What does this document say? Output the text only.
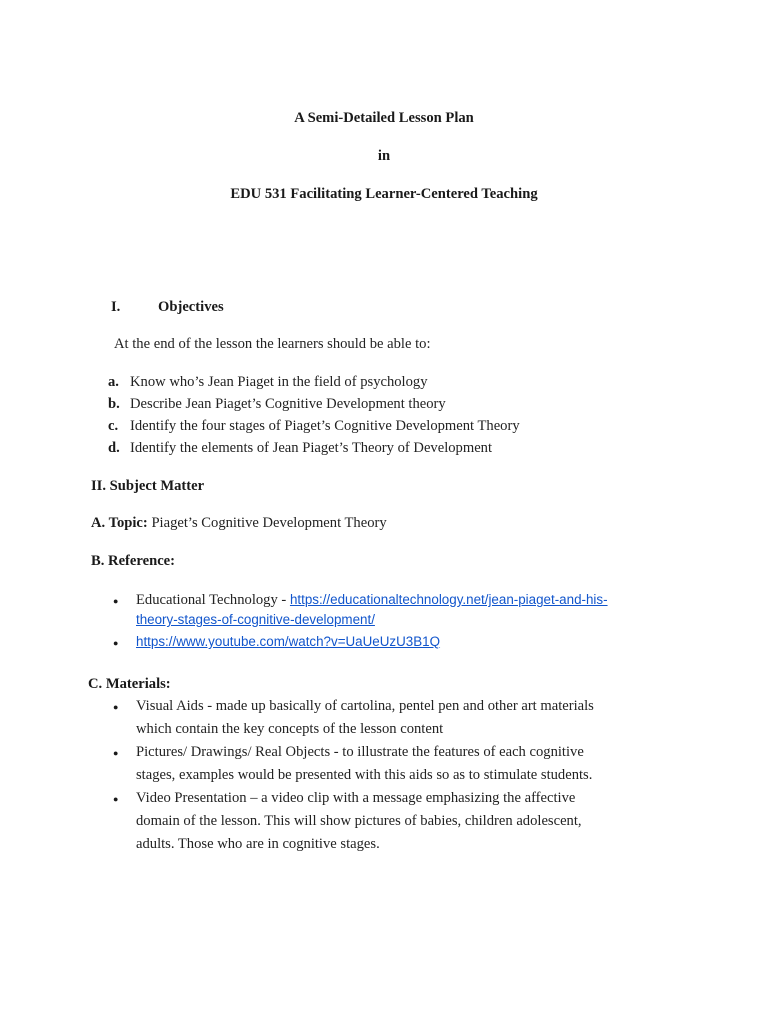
A Semi-Detailed Lesson Plan
in
EDU 531 Facilitating Learner-Centered Teaching
I.	Objectives
At the end of the lesson the learners should be able to:
a. Know who’s Jean Piaget in the field of psychology
b. Describe Jean Piaget’s Cognitive Development theory
c. Identify the four stages of Piaget’s Cognitive Development Theory
d. Identify the elements of Jean Piaget’s Theory of Development
II. Subject Matter
A. Topic: Piaget’s Cognitive Development Theory
B. Reference:
● Educational Technology - https://educationaltechnology.net/jean-piaget-and-his-
theory-stages-of-cognitive-development/
● https://www.youtube.com/watch?v=UaUeUzU3B1Q
C. Materials:
● Visual Aids - made up basically of cartolina, pentel pen and other art materials
which contain the key concepts of the lesson content
● Pictures/ Drawings/ Real Objects - to illustrate the features of each cognitive
stages, examples would be presented with this aids so as to stimulate students.
● Video Presentation – a video clip with a message emphasizing the affective
domain of the lesson. This will show pictures of babies, children adolescent,
adults. Those who are in cognitive stages.
